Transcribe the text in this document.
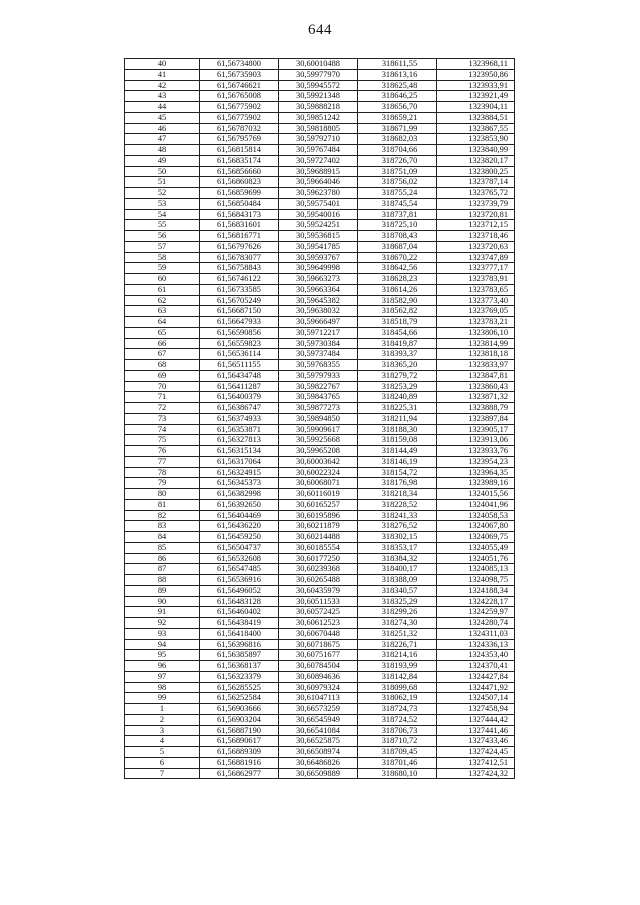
644
40	61,56734800	30,60010488	318611,55	1323968,11
41	61,56735903	30,59977970	318613,16	1323950,86
42	61,56746621	30,59945572	318625,48	1323933,91
43	61,56765008	30,59921348	318646,25	1323921,49
44	61,56775902	30,59888218	318656,70	1323904,11
45	61,56775902	30,59851242	318659,21	1323884,51
46	61,56787032	30,59818805	318671,99	1323867,55
47	61,56795769	30,59792710	318682,03	1323853,90
48	61,56815814	30,59767484	318704,66	1323840,99
49	61,56835174	30,59727402	318726,70	1323820,17
50	61,56856660	30,59688915	318751,09	1323800,25
51	61,56860823	30,59664046	318756,02	1323787,14
52	61,56859699	30,59623780	318755,24	1323765,72
53	61,56850484	30,59575401	318745,54	1323739,79
54	61,56843173	30,59540016	318737,81	1323720,81
55	61,56831601	30,59524251	318725,10	1323712,15
56	61,56816771	30,59536815	318708,43	1323718,46
57	61,56797626	30,59541785	318687,04	1323720,63
58	61,56783077	30,59593767	318670,22	1323747,89
59	61,56758843	30,59649998	318642,56	1323777,17
60	61,56746122	30,59663273	318628,23	1323783,91
61	61,56733585	30,59663364	318614,26	1323783,65
62	61,56705249	30,59645382	318582,90	1323773,40
63	61,56687150	30,59638032	318562,82	1323769,05
64	61,56647933	30,59666497	318518,79	1323783,21
65	61,56590856	30,59712217	318454,66	1323806,10
66	61,56559823	30,59730384	318419,87	1323814,99
67	61,56536114	30,59737484	318393,37	1323818,18
68	61,56511155	30,59768355	318365,20	1323833,97
69	61,56434748	30,59797933	318279,72	1323847,81
70	61,56411287	30,59822767	318253,29	1323860,43
71	61,56400379	30,59843765	318240,89	1323871,32
72	61,56386747	30,59877273	318225,31	1323888,79
73	61,56374933	30,59894850	318211,94	1323897,84
74	61,56353871	30,59909617	318188,30	1323905,17
75	61,56327813	30,59925668	318159,08	1323913,06
76	61,56315134	30,59965208	318144,49	1323933,76
77	61,56317064	30,60003642	318146,19	1323954,23
78	61,56324915	30,60022324	318154,72	1323964,35
79	61,56345373	30,60068071	318176,98	1323989,16
80	61,56382998	30,60116019	318218,34	1324015,56
81	61,56392650	30,60165257	318228,52	1324041,96
82	61,56404469	30,60195896	318241,33	1324058,53
83	61,56436220	30,60211879	318276,52	1324067,80
84	61,56459250	30,60214488	318302,15	1324069,75
85	61,56504737	30,60185554	318353,17	1324055,49
86	61,56532608	30,60177250	318384,32	1324051,76
87	61,56547485	30,60239368	318400,17	1324085,13
88	61,56536916	30,60265488	318388,09	1324098,75
89	61,56496052	30,60435979	318340,57	1324188,34
90	61,56483128	30,60511533	318325,29	1324228,17
91	61,56460402	30,60572425	318299,26	1324259,97
92	61,56438419	30,60612523	318274,30	1324280,74
93	61,56418400	30,60670448	318251,32	1324311,03
94	61,56396816	30,60718675	318226,71	1324336,13
95	61,56385897	30,60751677	318214,16	1324353,40
96	61,56368137	30,60784504	318193,99	1324370,41
97	61,56323379	30,60894636	318142,84	1324427,84
98	61,56285525	30,60979324	318099,68	1324471,92
99	61,56252584	30,61047113	318062,19	1324507,14
1	61,56903666	30,66573259	318724,73	1327458,94
2	61,56903204	30,66545949	318724,52	1327444,42
3	61,56887190	30,66541084	318706,73	1327441,46
4	61,56890617	30,66525875	318710,72	1327433,46
5	61,56889309	30,66508974	318709,45	1327424,45
6	61,56881916	30,66486826	318701,46	1327412,51
7	61,56862977	30,66509889	318680,10	1327424,32
